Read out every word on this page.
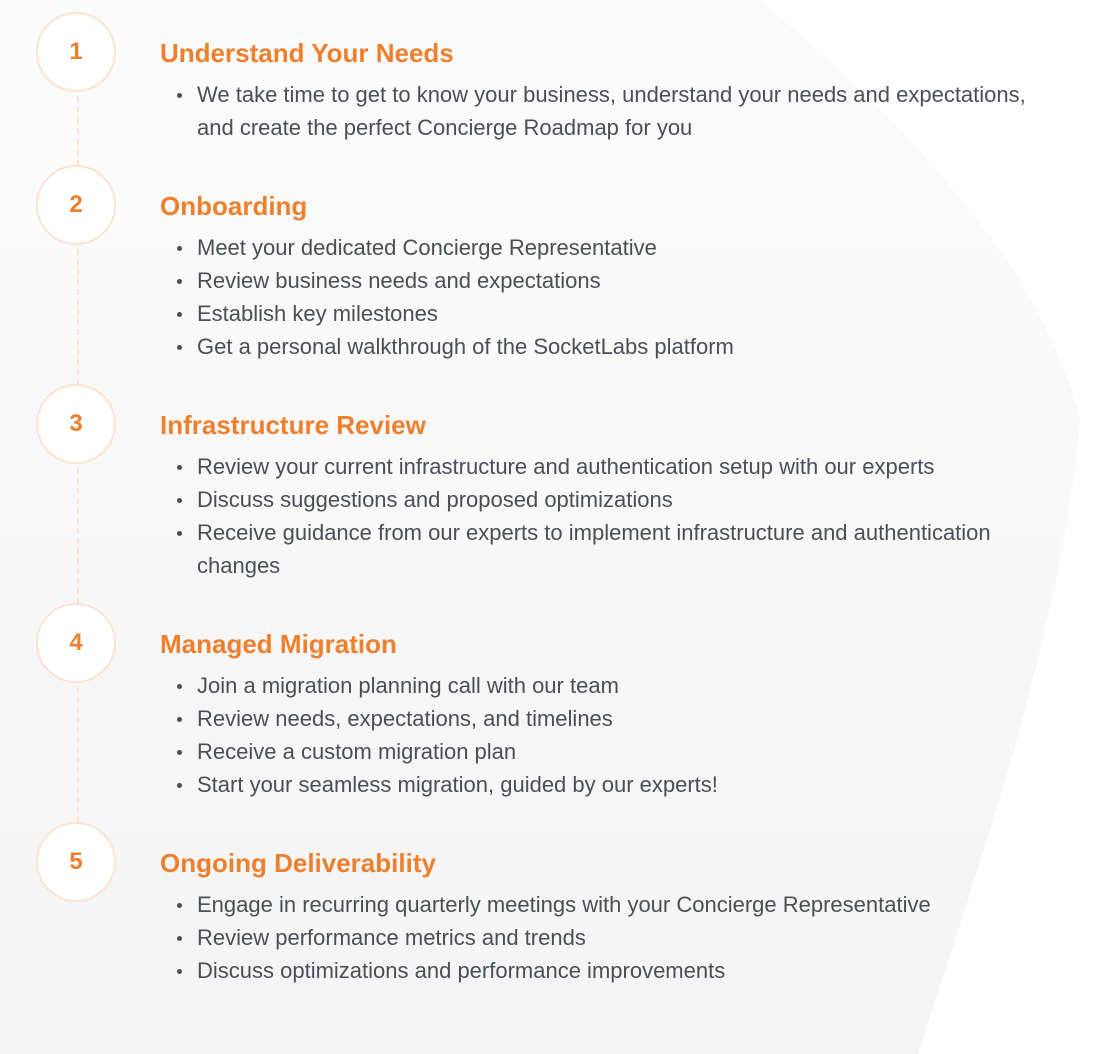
1	Understand Your Needs
We take time to get to know your business, understand your needs and expectations, and create the perfect Concierge Roadmap for you
2	Onboarding
Meet your dedicated Concierge Representative
Review business needs and expectations
Establish key milestones
Get a personal walkthrough of the SocketLabs platform
3	Infrastructure Review
Review your current infrastructure and authentication setup with our experts
Discuss suggestions and proposed optimizations
Receive guidance from our experts to implement infrastructure and authentication changes
4	Managed Migration
Join a migration planning call with our team
Review needs, expectations, and timelines
Receive a custom migration plan
Start your seamless migration, guided by our experts!
5	Ongoing Deliverability
Engage in recurring quarterly meetings with your Concierge Representative
Review performance metrics and trends
Discuss optimizations and performance improvements
